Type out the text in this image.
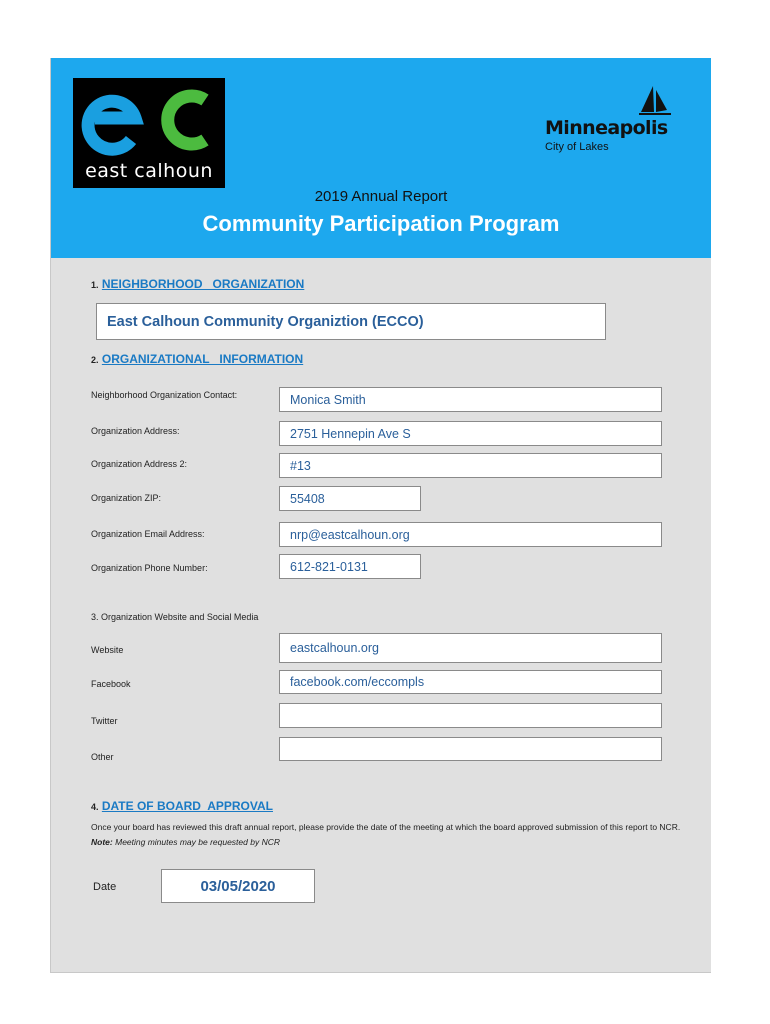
east calhoun
Minneapolis
City of Lakes
2019 Annual Report
Community Participation Program
1. NEIGHBORHOOD   ORGANIZATION
East Calhoun Community Organiztion (ECCO)
2. ORGANIZATIONAL   INFORMATION
Neighborhood Organization Contact:	Monica Smith
Organization Address:	2751 Hennepin Ave S
Organization Address 2:	#13
Organization ZIP:	55408
Organization Email Address:	nrp@eastcalhoun.org
Organization Phone Number:	612-821-0131
3. Organization Website and Social Media
Website	eastcalhoun.org
Facebook	facebook.com/eccompls
Twitter
Other
4. DATE OF BOARD  APPROVAL
Once your board has reviewed this draft annual report, please provide the date of the meeting at which the board approved submission of this report to NCR. Note: Meeting minutes may be requested by NCR
Date	03/05/2020
